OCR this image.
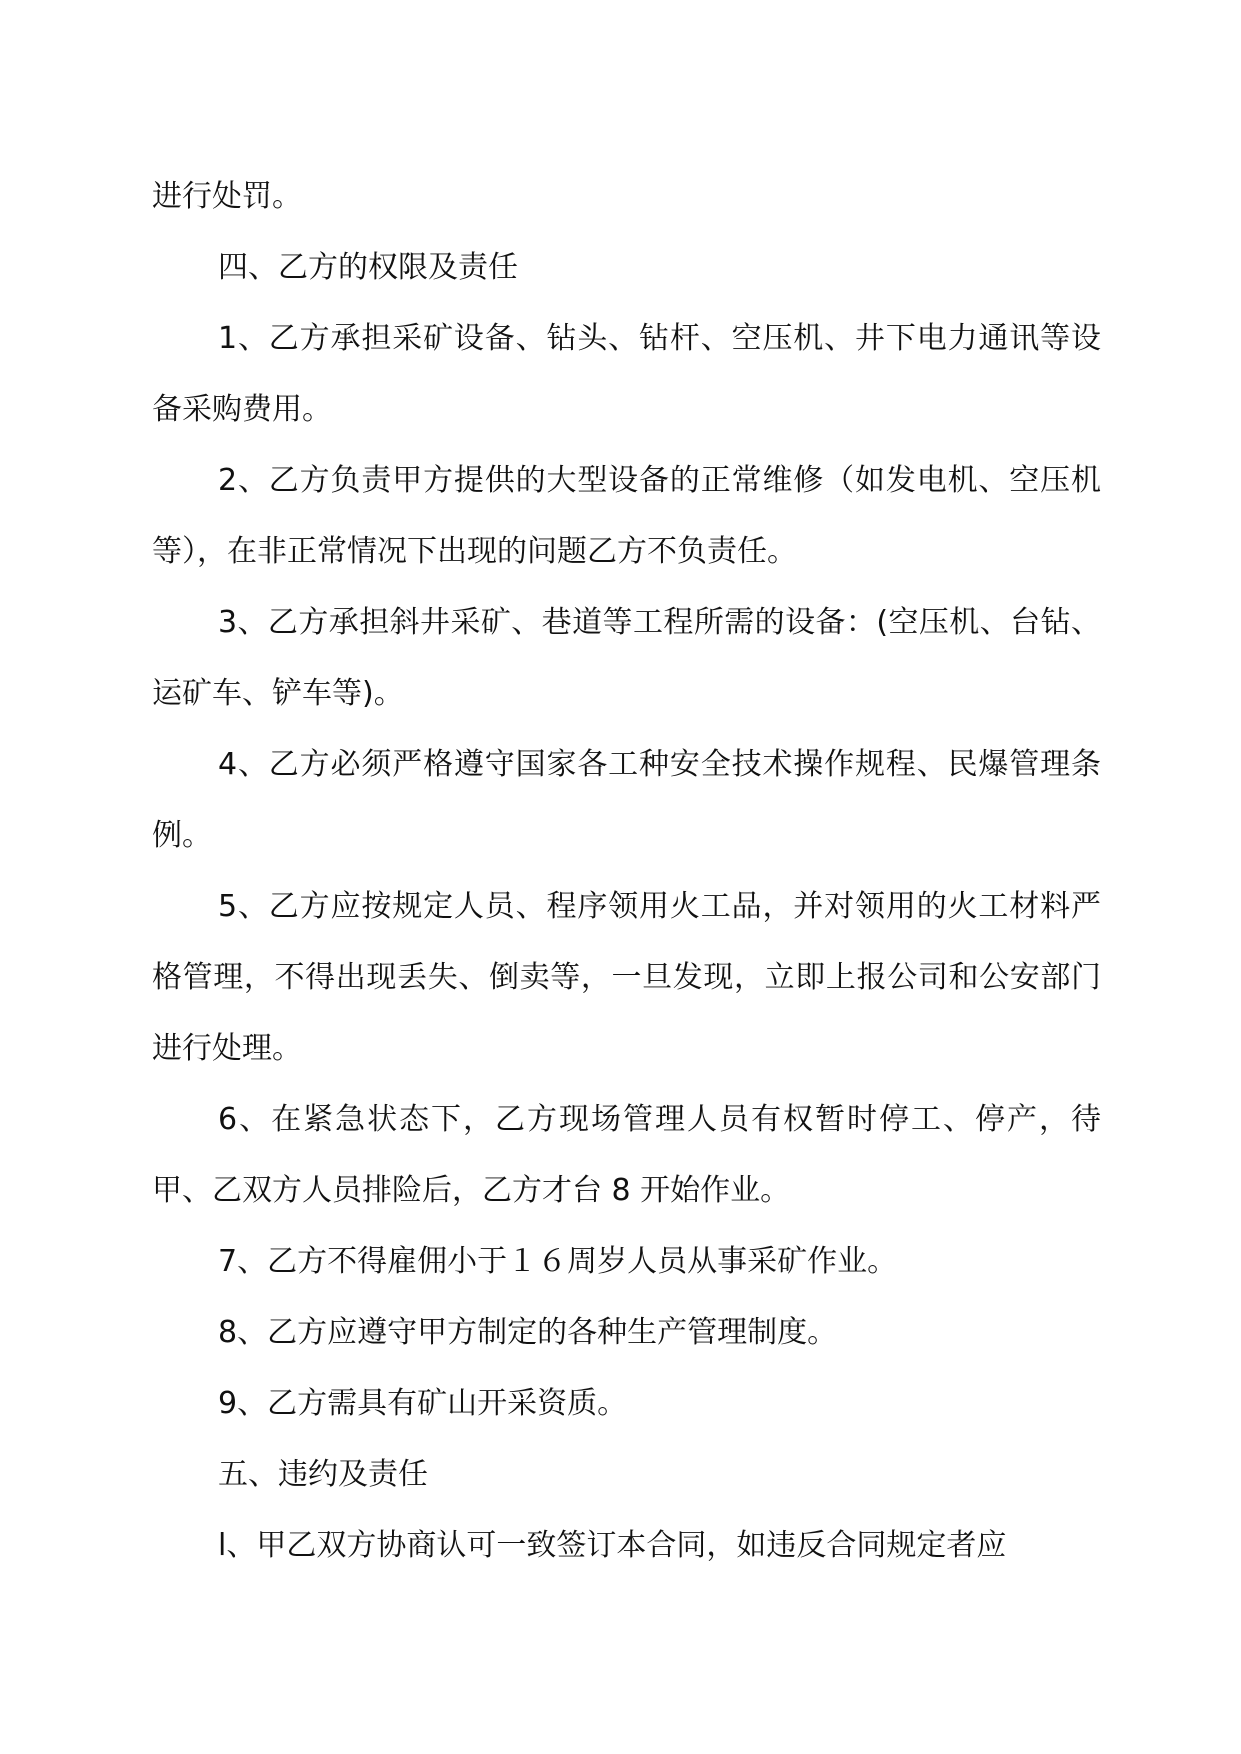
进行处罚。

四、乙方的权限及责任

1、乙方承担采矿设备、钻头、钻杆、空压机、井下电力通讯等设备采购费用。

2、乙方负责甲方提供的大型设备的正常维修（如发电机、空压机等），在非正常情况下出现的问题乙方不负责任。

3、乙方承担斜井采矿、巷道等工程所需的设备：(空压机、台钻、运矿车、铲车等)。

4、乙方必须严格遵守国家各工种安全技术操作规程、民爆管理条例。

5、乙方应按规定人员、程序领用火工品，并对领用的火工材料严格管理，不得出现丢失、倒卖等，一旦发现，立即上报公司和公安部门进行处理。

6、在紧急状态下，乙方现场管理人员有权暂时停工、停产，待甲、乙双方人员排险后，乙方才台 8 开始作业。

7、乙方不得雇佣小于１６周岁人员从事采矿作业。

8、乙方应遵守甲方制定的各种生产管理制度。

9、乙方需具有矿山开采资质。

五、违约及责任

l、甲乙双方协商认可一致签订本合同，如违反合同规定者应
